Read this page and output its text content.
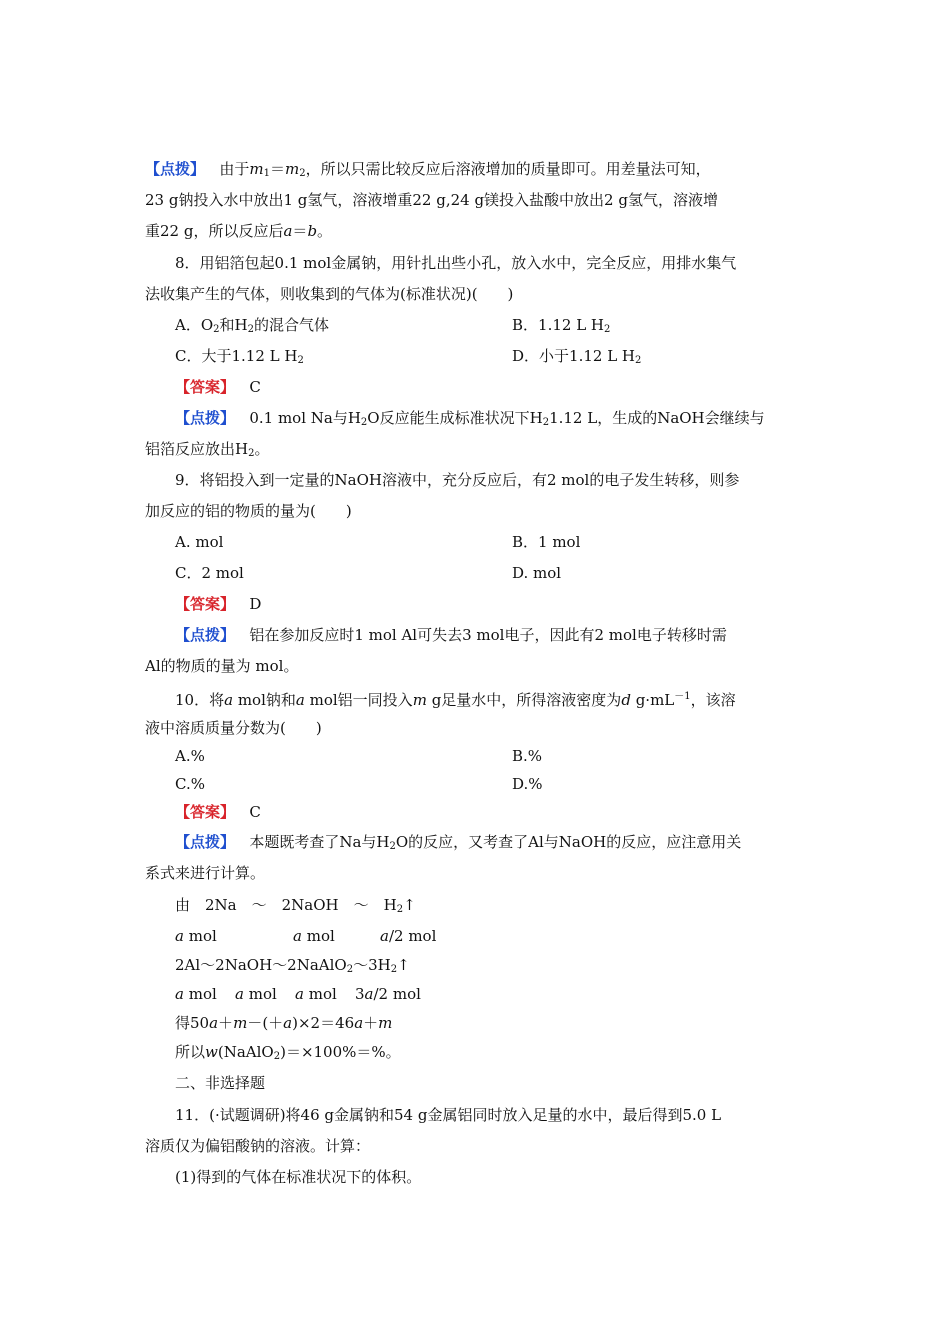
【点拨】 由于$m_1=m_2$，所以只需比较反应后溶液增加的质量即可。用差量法可知，
23 g钠投入水中放出1 g氢气，溶液增重22 g,24 g镁投入盐酸中放出2 g氢气，溶液增
重22 g，所以反应后a＝b。
8．用铝箔包起0.1 mol金属钠，用针扎出些小孔，放入水中，完全反应，用排水集气
法收集产生的气体，则收集到的气体为(标准状况)(　　)
A．$O_2$和$H_2$的混合气体	B．1.12 L $H_2$
C．大于1.12 L $H_2$	D．小于1.12 L $H_2$
【答案】 C
【点拨】 0.1 mol Na与$H_2O$反应能生成标准状况下$H_21.12$ L，生成的NaOH会继续与
铝箔反应放出$H_2$。
9．将铝投入到一定量的NaOH溶液中，充分反应后，有2 mol的电子发生转移，则参
加反应的铝的物质的量为(　　)
A. mol	B．1 mol
C．2 mol	D. mol
【答案】 D
【点拨】 铝在参加反应时1 mol Al可失去3 mol电子，因此有2 mol电子转移时需
Al的物质的量为 mol。
10．将a mol钠和a mol铝一同投入m g足量水中，所得溶液密度为d $g\cdot mL^{-1}$，该溶
液中溶质质量分数为(　　)
A.%	B.%
C.%	D.%
【答案】 C
【点拨】 本题既考查了Na与$H_2O$的反应，又考查了Al与NaOH的反应，应注意用关
系式来进行计算。
由　2Na　～　2NaOH　～　$H_2↑$
a mol	a mol	a/2 mol
$2Al\sim 2NaOH\sim 2NaAlO_2\sim 3H_2↑$
a mol a mol a mol 3a/2 mol
得50a＋m－(＋a)×2＝46a＋m
所以w(NaAlO$_2$)＝×100%＝%。
二、非选择题
11．(·试题调研)将46 g金属钠和54 g金属铝同时放入足量的水中，最后得到5.0 L
溶质仅为偏铝酸钠的溶液。计算：
(1)得到的气体在标准状况下的体积。
